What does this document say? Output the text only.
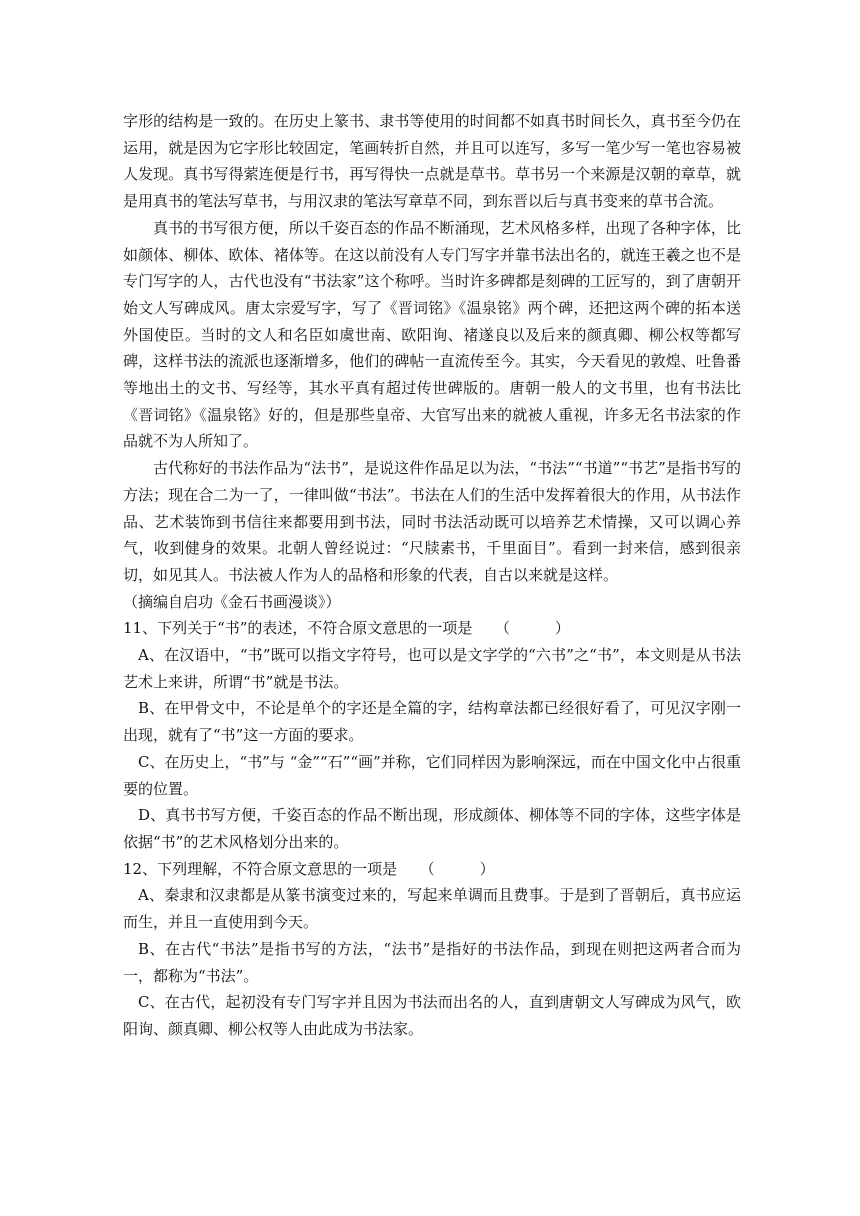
字形的结构是一致的。在历史上篆书、隶书等使用的时间都不如真书时间长久，真书至今仍在运用，就是因为它字形比较固定，笔画转折自然，并且可以连写，多写一笔少写一笔也容易被人发现。真书写得萦连便是行书，再写得快一点就是草书。草书另一个来源是汉朝的章草，就是用真书的笔法写草书，与用汉隶的笔法写章草不同，到东晋以后与真书变来的草书合流。

真书的书写很方便，所以千姿百态的作品不断涌现，艺术风格多样，出现了各种字体，比如颜体、柳体、欧体、褚体等。在这以前没有人专门写字并靠书法出名的，就连王羲之也不是专门写字的人，古代也没有“书法家”这个称呼。当时许多碑都是刻碑的工匠写的，到了唐朝开始文人写碑成风。唐太宗爱写字，写了《晋词铭》《温泉铭》两个碑，还把这两个碑的拓本送外国使臣。当时的文人和名臣如虞世南、欧阳询、褚遂良以及后来的颜真卿、柳公权等都写碑，这样书法的流派也逐渐增多，他们的碑帖一直流传至今。其实，今天看见的敦煌、吐鲁番等地出土的文书、写经等，其水平真有超过传世碑版的。唐朝一般人的文书里，也有书法比《晋词铭》《温泉铭》好的，但是那些皇帝、大官写出来的就被人重视，许多无名书法家的作品就不为人所知了。

古代称好的书法作品为“法书”，是说这件作品足以为法，“书法”“书道”“书艺”是指书写的方法；现在合二为一了，一律叫做“书法”。书法在人们的生活中发挥着很大的作用，从书法作品、艺术装饰到书信往来都要用到书法，同时书法活动既可以培养艺术情操，又可以调心养气，收到健身的效果。北朝人曾经说过：“尺牍素书，千里面目”。看到一封来信，感到很亲切，如见其人。书法被人作为人的品格和形象的代表，自古以来就是这样。

（摘编自启功《金石书画漫谈》）

11、下列关于“书”的表述，不符合原文意思的一项是　　（　　　）

A、在汉语中，“书”既可以指文字符号，也可以是文字学的“六书”之“书”，本文则是从书法艺术上来讲，所谓“书”就是书法。

B、在甲骨文中，不论是单个的字还是全篇的字，结构章法都已经很好看了，可见汉字刚一出现，就有了“书”这一方面的要求。

C、在历史上，“书”与 “金”“石”“画”并称，它们同样因为影响深远，而在中国文化中占很重要的位置。

D、真书书写方便，千姿百态的作品不断出现，形成颜体、柳体等不同的字体，这些字体是依据“书”的艺术风格划分出来的。

12、下列理解，不符合原文意思的一项是　　（　　　）

A、秦隶和汉隶都是从篆书演变过来的，写起来单调而且费事。于是到了晋朝后，真书应运而生，并且一直使用到今天。

B、在古代“书法”是指书写的方法，“法书”是指好的书法作品，到现在则把这两者合而为一，都称为“书法”。

C、在古代，起初没有专门写字并且因为书法而出名的人，直到唐朝文人写碑成为风气，欧阳询、颜真卿、柳公权等人由此成为书法家。
